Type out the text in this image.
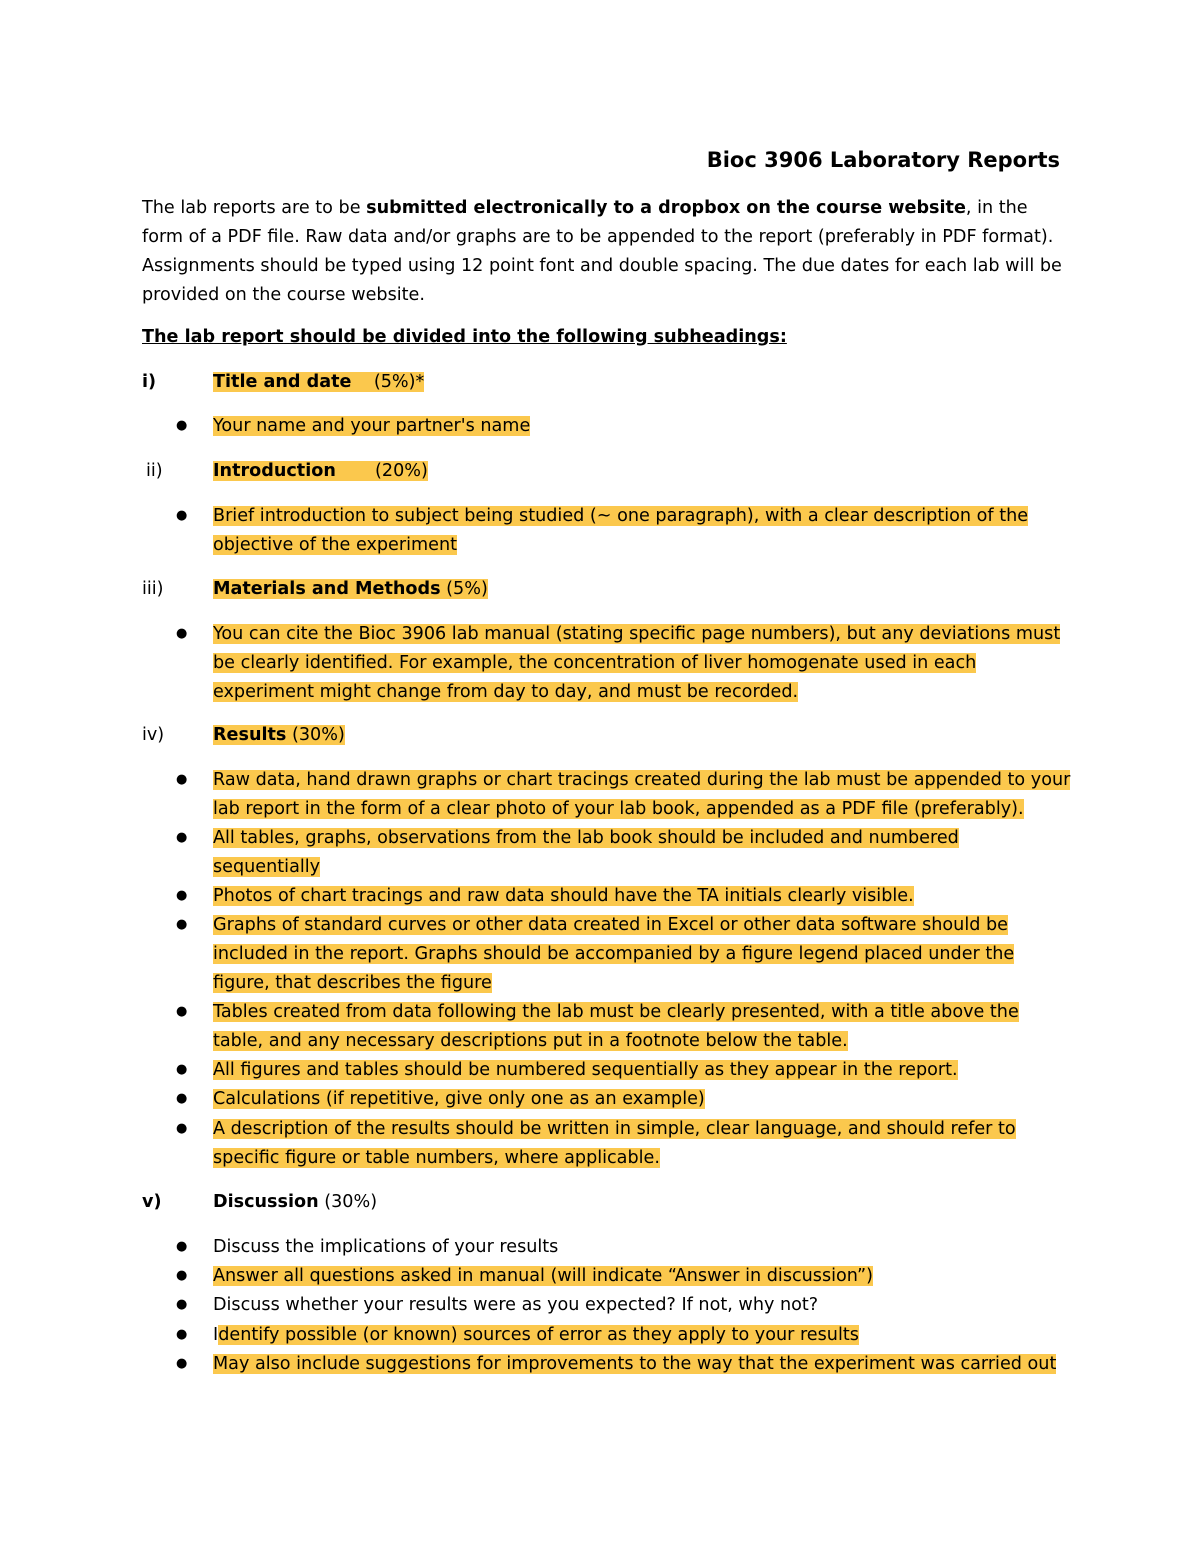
Bioc 3906 Laboratory Reports
The lab reports are to be submitted electronically to a dropbox on the course website, in the form of a PDF file. Raw data and/or graphs are to be appended to the report (preferably in PDF format). Assignments should be typed using 12 point font and double spacing. The due dates for each lab will be provided on the course website.
The lab report should be divided into the following subheadings:
i)	Title and date (5%)*
● Your name and your partner's name
ii)	Introduction (20%)
● Brief introduction to subject being studied (~ one paragraph), with a clear description of the
objective of the experiment
iii)	Materials and Methods (5%)
● You can cite the Bioc 3906 lab manual (stating specific page numbers), but any deviations must
be clearly identified. For example, the concentration of liver homogenate used in each
experiment might change from day to day, and must be recorded.
iv)	Results (30%)
● Raw data, hand drawn graphs or chart tracings created during the lab must be appended to your
lab report in the form of a clear photo of your lab book, appended as a PDF file (preferably).
● All tables, graphs, observations from the lab book should be included and numbered
sequentially
● Photos of chart tracings and raw data should have the TA initials clearly visible.
● Graphs of standard curves or other data created in Excel or other data software should be
included in the report. Graphs should be accompanied by a figure legend placed under the
figure, that describes the figure
● Tables created from data following the lab must be clearly presented, with a title above the
table, and any necessary descriptions put in a footnote below the table.
● All figures and tables should be numbered sequentially as they appear in the report.
● Calculations (if repetitive, give only one as an example)
● A description of the results should be written in simple, clear language, and should refer to
specific figure or table numbers, where applicable.
v)	Discussion (30%)
● Discuss the implications of your results
● Answer all questions asked in manual (will indicate “Answer in discussion”)
● Discuss whether your results were as you expected? If not, why not?
● Identify possible (or known) sources of error as they apply to your results
● May also include suggestions for improvements to the way that the experiment was carried out
